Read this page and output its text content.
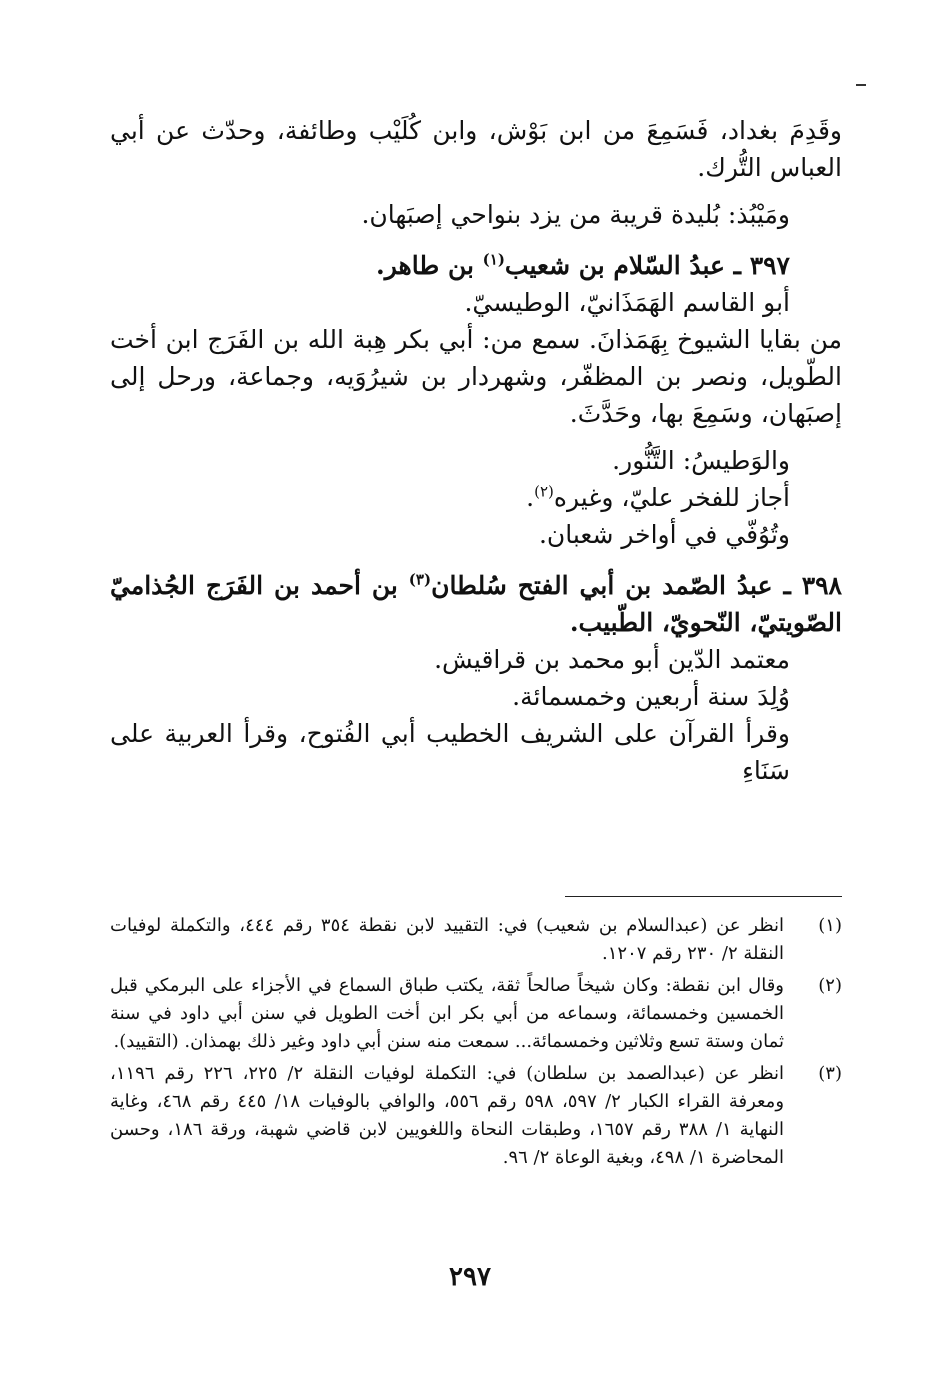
وقَدِمَ بغداد، فَسَمِعَ من ابن بَوْش، وابن كُلَيْب وطائفة، وحدّث عن أبي العباس التُّرك.

ومَيْبُذ: بُليدة قريبة من يزد بنواحي إصبَهان.

٣٩٧ ـ عبدُ السّلام بن شعيب$^{(١)}$ بن طاهر.

أبو القاسم الهَمَذَانيّ، الوطيسيّ.

من بقايا الشيوخ بِهَمَذانَ. سمع من: أبي بكر هِبة الله بن الفَرَج ابن أخت الطّويل، ونصر بن المظفّر، وشهردار بن شيرُوَيه، وجماعة، ورحل إلى إصبَهان، وسَمِعَ بها، وحَدَّثَ.

والوَطيسُ: التَّنُّور.

أجاز للفخر عليّ، وغيره$^{(٢)}$.

وتُوُفّي في أواخر شعبان.

٣٩٨ ـ عبدُ الصّمد بن أبي الفتح سُلطان$^{(٣)}$ بن أحمد بن الفَرَج الجُذاميّ الصّويتيّ، النّحويّ، الطّبيب.

معتمد الدّين أبو محمد بن قراقيش.

وُلِدَ سنة أربعين وخمسمائة.

وقرأ القرآن على الشريف الخطيب أبي الفُتوح، وقرأ العربية على سَنَاءِ

(١)
انظر عن (عبدالسلام بن شعيب) في: التقييد لابن نقطة ٣٥٤ رقم ٤٤٤، والتكملة لوفيات النقلة ٢/ ٢٣٠ رقم ١٢٠٧.
(٢)
وقال ابن نقطة: وكان شيخاً صالحاً ثقة، يكتب طباق السماع في الأجزاء على البرمكي قبل الخمسين وخمسمائة، وسماعه من أبي بكر ابن أخت الطويل في سنن أبي داود في سنة ثمان وستة تسع وثلاثين وخمسمائة... سمعت منه سنن أبي داود وغير ذلك بهمذان. (التقييد).
(٣)
انظر عن (عبدالصمد بن سلطان) في: التكملة لوفيات النقلة ٢/ ٢٢٥، ٢٢٦ رقم ١١٩٦، ومعرفة القراء الكبار ٢/ ٥٩٧، ٥٩٨ رقم ٥٥٦، والوافي بالوفيات ١٨/ ٤٤٥ رقم ٤٦٨، وغاية النهاية ١/ ٣٨٨ رقم ١٦٥٧، وطبقات النحاة واللغويين لابن قاضي شهبة، ورقة ١٨٦، وحسن المحاضرة ١/ ٤٩٨، وبغية الوعاة ٢/ ٩٦.
٢٩٧
